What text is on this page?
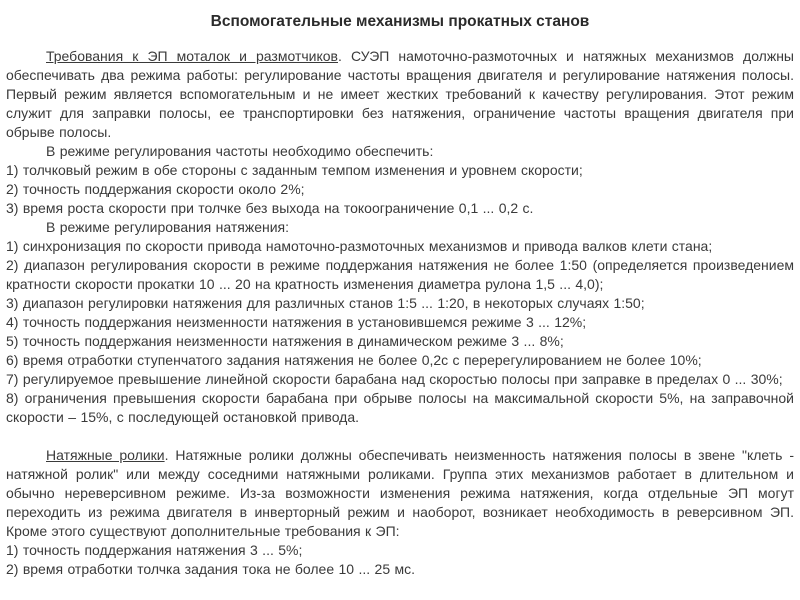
Вспомогательные механизмы прокатных станов

Требования к ЭП моталок и размотчиков. СУЭП намоточно-размоточных и натяжных механизмов должны обеспечивать два режима работы: регулирование частоты вращения двигателя и регулирование натяжения полосы. Первый режим является вспомогательным и не имеет жестких требований к качеству регулирования. Этот режим служит для заправки полосы, ее транспортировки без натяжения, ограничение частоты вращения двигателя при обрыве полосы.

В режиме регулирования частоты необходимо обеспечить:

1) толчковый режим в обе стороны с заданным темпом изменения и уровнем скорости;

2) точность поддержания скорости около 2%;

3) время роста скорости при толчке без выхода на токоограничение 0,1 ... 0,2 с.

В режиме регулирования натяжения:

1) синхронизация по скорости привода намоточно-размоточных механизмов и привода валков клети стана;

2) диапазон регулирования скорости в режиме поддержания натяжения не более 1:50 (определяется произведением кратности скорости прокатки 10 ... 20 на кратность изменения диаметра рулона 1,5 ... 4,0);

3) диапазон регулировки натяжения для различных станов 1:5 ... 1:20, в некоторых случаях 1:50;

4) точность поддержания неизменности натяжения в установившемся режиме 3 ... 12%;

5) точность поддержания неизменности натяжения в динамическом режиме 3 ... 8%;

6) время отработки ступенчатого задания натяжения не более 0,2с с перерегулированием не более 10%;

7) регулируемое превышение линейной скорости барабана над скоростью полосы при заправке в пределах 0 ... 30%;

8) ограничения превышения скорости барабана при обрыве полосы на максимальной скорости 5%, на заправочной скорости – 15%, с последующей остановкой привода.

Натяжные ролики. Натяжные ролики должны обеспечивать неизменность натяжения полосы в звене "клеть - натяжной ролик" или между соседними натяжными роликами. Группа этих механизмов работает в длительном и обычно нереверсивном режиме. Из-за возможности изменения режима натяжения, когда отдельные ЭП могут переходить из режима двигателя в инверторный режим и наоборот, возникает необходимость в реверсивном ЭП. Кроме этого существуют дополнительные требования к ЭП:

1) точность поддержания натяжения 3 ... 5%;

2) время отработки толчка задания тока не более 10 ... 25 мс.
